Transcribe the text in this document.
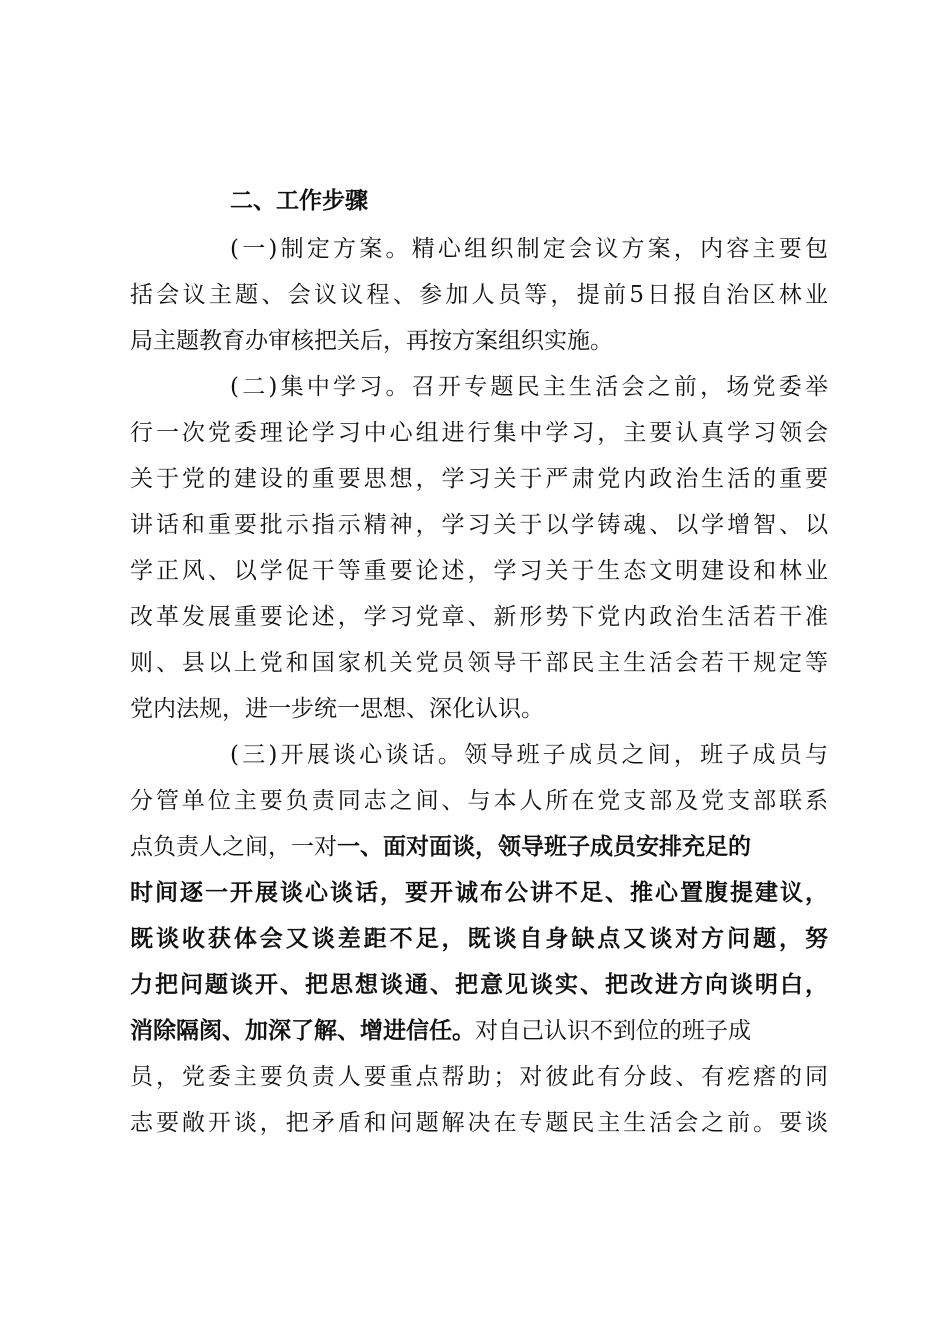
二、工作步骤
(一)制定方案。精心组织制定会议方案，内容主要包
括会议主题、会议议程、参加人员等，提前5日报自治区林业
局主题教育办审核把关后，再按方案组织实施。
(二)集中学习。召开专题民主生活会之前，场党委举
行一次党委理论学习中心组进行集中学习，主要认真学习领会
关于党的建设的重要思想，学习关于严肃党内政治生活的重要
讲话和重要批示指示精神，学习关于以学铸魂、以学增智、以
学正风、以学促干等重要论述，学习关于生态文明建设和林业
改革发展重要论述，学习党章、新形势下党内政治生活若干准
则、县以上党和国家机关党员领导干部民主生活会若干规定等
党内法规，进一步统一思想、深化认识。
(三)开展谈心谈话。领导班子成员之间，班子成员与
分管单位主要负责同志之间、与本人所在党支部及党支部联系
点负责人之间，一对一、面对面谈，领导班子成员安排充足的
时间逐一开展谈心谈话，要开诚布公讲不足、推心置腹提建议，
既谈收获体会又谈差距不足，既谈自身缺点又谈对方问题，努
力把问题谈开、把思想谈通、把意见谈实、把改进方向谈明白，
消除隔阂、加深了解、增进信任。对自己认识不到位的班子成
员，党委主要负责人要重点帮助；对彼此有分歧、有疙瘩的同
志要敞开谈，把矛盾和问题解决在专题民主生活会之前。要谈
